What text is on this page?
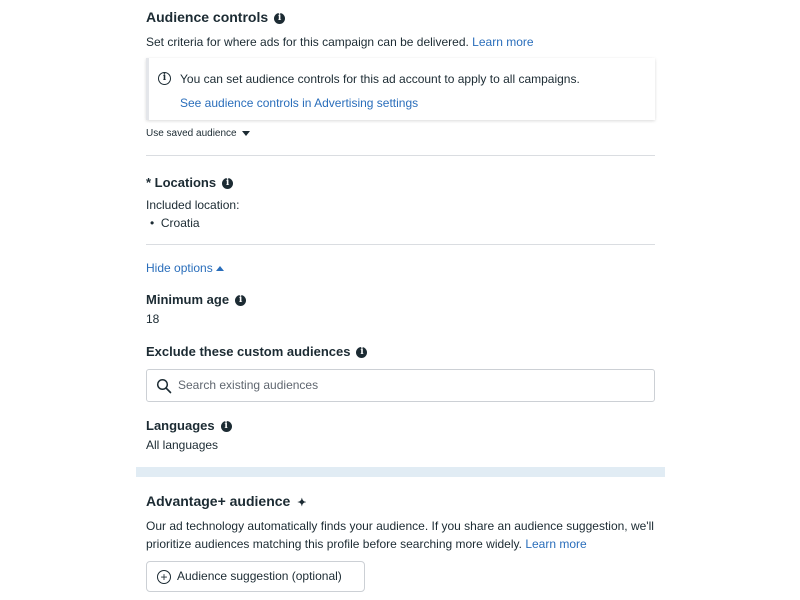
Audience controls i
Set criteria for where ads for this campaign can be delivered. Learn more
i	You can set audience controls for this ad account to apply to all campaigns.
See audience controls in Advertising settings
Use saved audience
* Locations i
Included location:
•  Croatia
Hide options
Minimum age i
18
Exclude these custom audiences i
Search existing audiences
Languages i
All languages
Advantage+ audience ✦
Our ad technology automatically finds your audience. If you share an audience suggestion, we'll prioritize audiences matching this profile before searching more widely. Learn more
+ Audience suggestion (optional)
